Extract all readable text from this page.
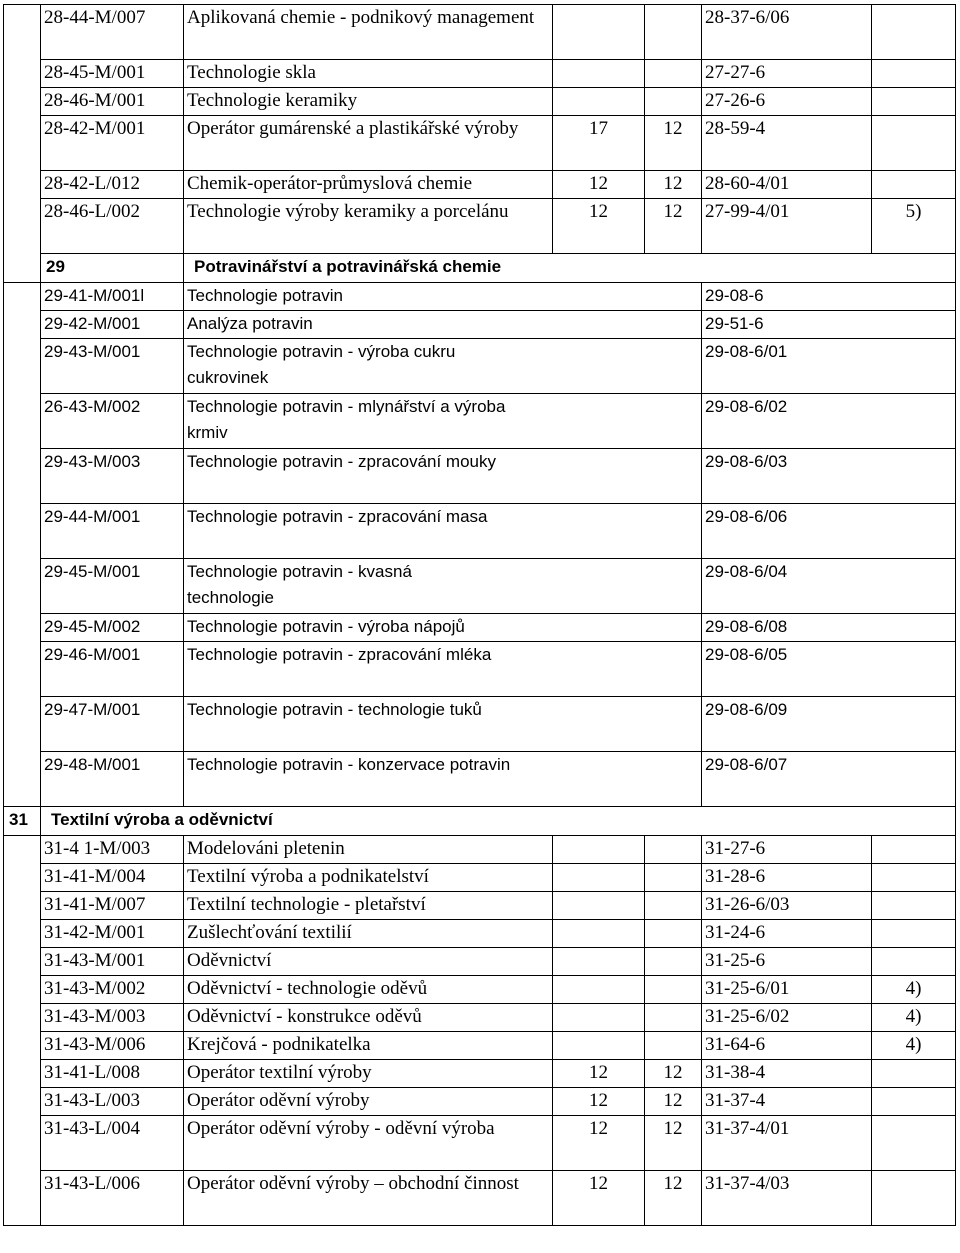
	28-44-M/007	Aplikovaná chemie - podnikový management			28-37-6/06	
	28-45-M/001	Technologie skla			27-27-6	
	28-46-M/001	Technologie keramiky			27-26-6	
	28-42-M/001	Operátor gumárenské a plastikářské výroby	17	12	28-59-4	
	28-42-L/012	Chemik-operátor-průmyslová chemie	12	12	28-60-4/01	
	28-46-L/002	Technologie výroby keramiky a porcelánu	12	12	27-99-4/01	5)
	29	Potravinářství a potravinářská chemie				
	29-41-M/001l	Technologie potravin			29-08-6	
	29-42-M/001	Analýza potravin			29-51-6	
	29-43-M/001	Technologie potravin - výroba cukru cukrovinek			29-08-6/01	
	26-43-M/002	Technologie potravin - mlynářství a výroba krmiv			29-08-6/02	
	29-43-M/003	Technologie potravin - zpracování mouky			29-08-6/03	
	29-44-M/001	Technologie potravin - zpracování masa			29-08-6/06	
	29-45-M/001	Technologie potravin - kvasná technologie			29-08-6/04	
	29-45-M/002	Technologie potravin - výroba nápojů			29-08-6/08	
	29-46-M/001	Technologie potravin - zpracování mléka			29-08-6/05	
	29-47-M/001	Technologie potravin - technologie tuků			29-08-6/09	
	29-48-M/001	Technologie potravin - konzervace potravin			29-08-6/07	
31	Textilní výroba a oděvnictví					
	31-4 1-M/003	Modelováni pletenin			31-27-6	
	31-41-M/004	Textilní výroba a podnikatelství			31-28-6	
	31-41-M/007	Textilní technologie - pletařství			31-26-6/03	
	31-42-M/001	Zušlechťování textilií			31-24-6	
	31-43-M/001	Oděvnictví			31-25-6	
	31-43-M/002	Oděvnictví - technologie oděvů			31-25-6/01	4)
	31-43-M/003	Oděvnictví - konstrukce oděvů			31-25-6/02	4)
	31-43-M/006	Krejčová - podnikatelka			31-64-6	4)
	31-41-L/008	Operátor textilní výroby	12	12	31-38-4	
	31-43-L/003	Operátor oděvní výroby	12	12	31-37-4	
	31-43-L/004	Operátor oděvní výroby - oděvní výroba	12	12	31-37-4/01	
	31-43-L/006	Operátor oděvní výroby – obchodní činnost	12	12	31-37-4/03	
